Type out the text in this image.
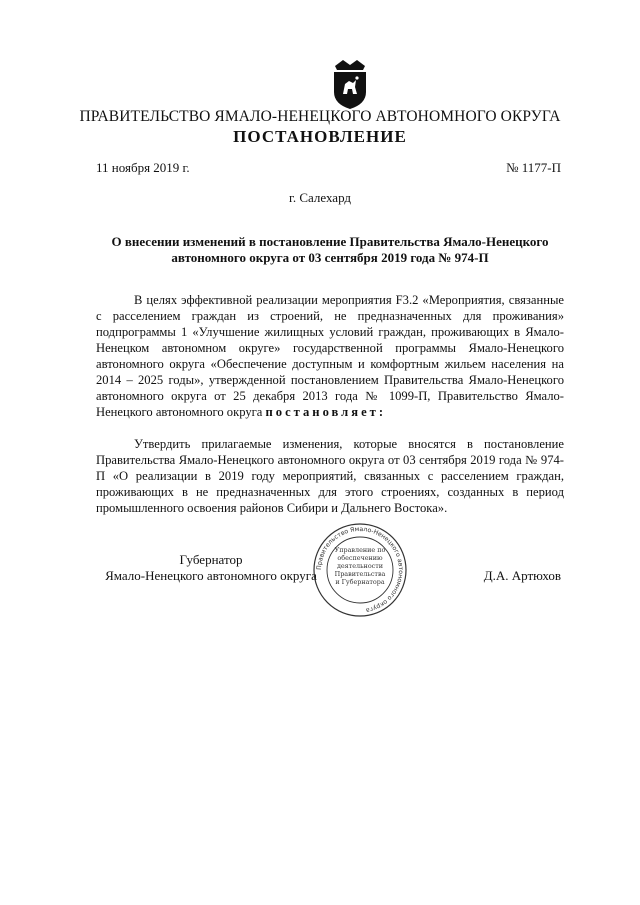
ПРАВИТЕЛЬСТВО ЯМАЛО-НЕНЕЦКОГО АВТОНОМНОГО ОКРУГА
ПОСТАНОВЛЕНИЕ
11 ноября 2019 г.	№ 1177-П
г. Салехард
О внесении изменений в постановление Правительства Ямало-Ненецкого автономного округа от 03 сентября 2019 года № 974-П
В целях эффективной реализации мероприятия F3.2 «Мероприятия, связанные с расселением граждан из строений, не предназначенных для проживания» подпрограммы 1 «Улучшение жилищных условий граждан, проживающих в Ямало-Ненецком автономном округе» государственной программы Ямало-Ненецкого автономного округа «Обеспечение доступным и комфортным жильем населения на 2014 – 2025 годы», утвержденной постановлением Правительства Ямало-Ненецкого автономного округа от 25 декабря 2013 года № 1099-П, Правительство Ямало-Ненецкого автономного округа постановляет:
Утвердить прилагаемые изменения, которые вносятся в постановление Правительства Ямало-Ненецкого автономного округа от 03 сентября 2019 года № 974-П «О реализации в 2019 году мероприятий, связанных с расселением граждан, проживающих в не предназначенных для этого строениях, созданных в период промышленного освоения районов Сибири и Дальнего Востока».
Губернатор
Ямало-Ненецкого автономного округа	Д.А. Артюхов
Правительство Ямало-Ненецкого автономного округа
Управление по обеспечению деятельности Правительства и Губернатора
